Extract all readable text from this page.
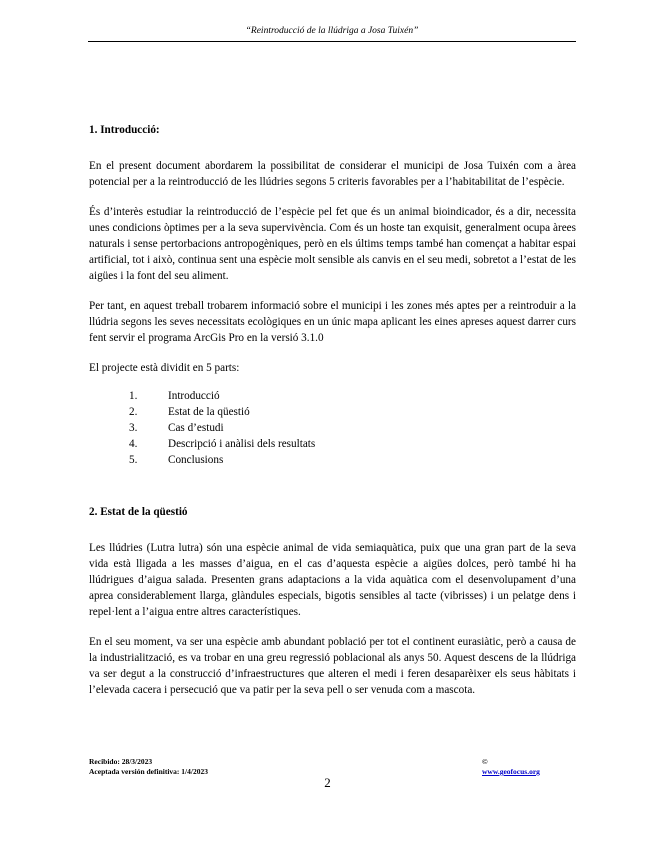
“Reintroducció de la llúdriga a Josa Tuixén”
1. Introducció:

En el present document abordarem la possibilitat de considerar el municipi de Josa Tuixén com a àrea potencial per a la reintroducció de les llúdries segons 5 criteris favorables per a l’habitabilitat de l’espècie.

És d’interès estudiar la reintroducció de l’espècie pel fet que és un animal bioindicador, és a dir, necessita unes condicions òptimes per a la seva supervivència. Com és un hoste tan exquisit, generalment ocupa àrees naturals i sense pertorbacions antropogèniques, però en els últims temps també han començat a habitar espai artificial, tot i això, continua sent una espècie molt sensible als canvis en el seu medi, sobretot a l’estat de les aigües i la font del seu aliment.

Per tant, en aquest treball trobarem informació sobre el municipi i les zones més aptes per a reintroduir a la llúdria segons les seves necessitats ecològiques en un únic mapa aplicant les eines apreses aquest darrer curs fent servir el programa ArcGis Pro en la versió 3.1.0

El projecte està dividit en 5 parts:

1.	Introducció
2.	Estat de la qüestió
3.	Cas d’estudi
4.	Descripció i anàlisi dels resultats
5.	Conclusions
2. Estat de la qüestió

Les llúdries (Lutra lutra) són una espècie animal de vida semiaquàtica, puix que una gran part de la seva vida està lligada a les masses d’aigua, en el cas d’aquesta espècie a aigües dolces, però també hi ha llúdrigues d’aigua salada. Presenten grans adaptacions a la vida aquàtica com el desenvolupament d’una aprea considerablement llarga, glàndules especials, bigotis sensibles al tacte (vibrisses) i un pelatge dens i repel·lent a l’aigua entre altres característiques.

En el seu moment, va ser una espècie amb abundant població per tot el continent eurasiàtic, però a causa de la industrialització, es va trobar en una greu regressió poblacional als anys 50. Aquest descens de la llúdriga va ser degut a la construcció d’infraestructures que alteren el medi i feren desaparèixer els seus hàbitats i l’elevada cacera i persecució que va patir per la seva pell o ser venuda com a mascota.

Recibido: 28/3/2023
Aceptada versión definitiva: 1/4/2023
©
www.geofocus.org
2
